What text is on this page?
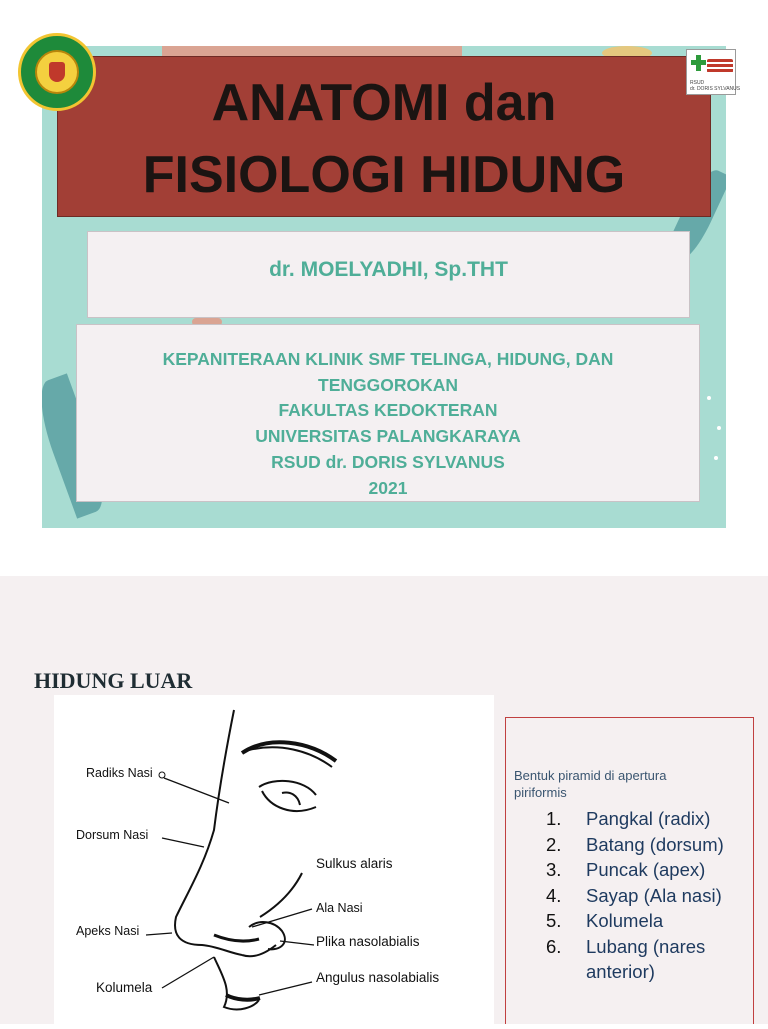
ANATOMI dan
FISIOLOGI HIDUNG
dr. MOELYADHI, Sp.THT
KEPANITERAAN KLINIK SMF TELINGA, HIDUNG, DAN
TENGGOROKAN
FAKULTAS KEDOKTERAN
UNIVERSITAS PALANGKARAYA
RSUD dr. DORIS SYLVANUS
2021
RSUD
dr. DORIS SYLVANUS
HIDUNG LUAR
Radiks Nasi
Dorsum Nasi
Apeks Nasi
Kolumela
Sulkus alaris
Ala Nasi
Plika nasolabialis
Angulus nasolabialis
Bentuk piramid di apertura piriformis
1. Pangkal (radix)
2. Batang (dorsum)
3. Puncak (apex)
4. Sayap (Ala nasi)
5. Kolumela
6. Lubang (nares anterior)
